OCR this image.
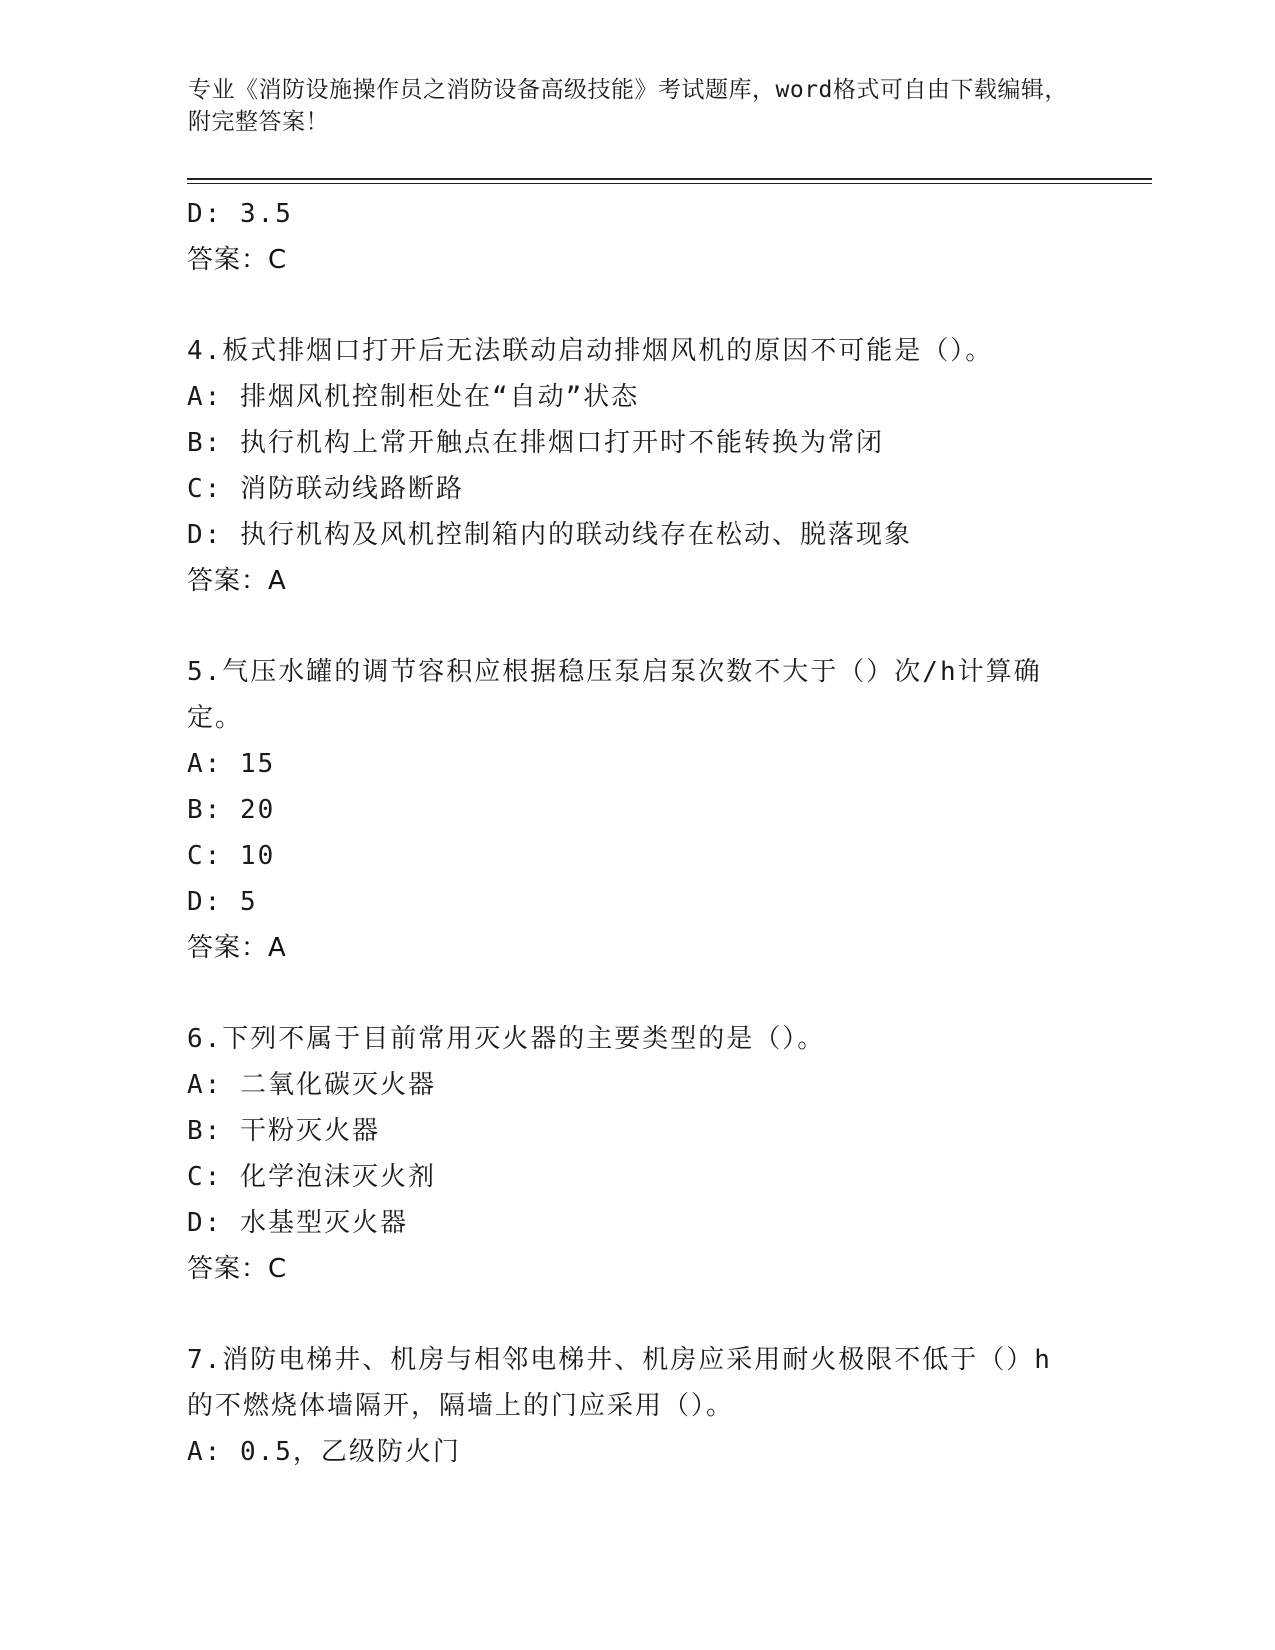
专业《消防设施操作员之消防设备高级技能》考试题库，word格式可自由下载编辑，附完整答案！
D: 3.5
答案：C
4.板式排烟口打开后无法联动启动排烟风机的原因不可能是（）。
A: 排烟风机控制柜处在“自动”状态
B: 执行机构上常开触点在排烟口打开时不能转换为常闭
C: 消防联动线路断路
D: 执行机构及风机控制箱内的联动线存在松动、脱落现象
答案：A
5.气压水罐的调节容积应根据稳压泵启泵次数不大于（）次/h计算确定。
A: 15
B: 20
C: 10
D: 5
答案：A
6.下列不属于目前常用灭火器的主要类型的是（）。
A: 二氧化碳灭火器
B: 干粉灭火器
C: 化学泡沫灭火剂
D: 水基型灭火器
答案：C
7.消防电梯井、机房与相邻电梯井、机房应采用耐火极限不低于（）h的不燃烧体墙隔开，隔墙上的门应采用（）。
A: 0.5，乙级防火门
